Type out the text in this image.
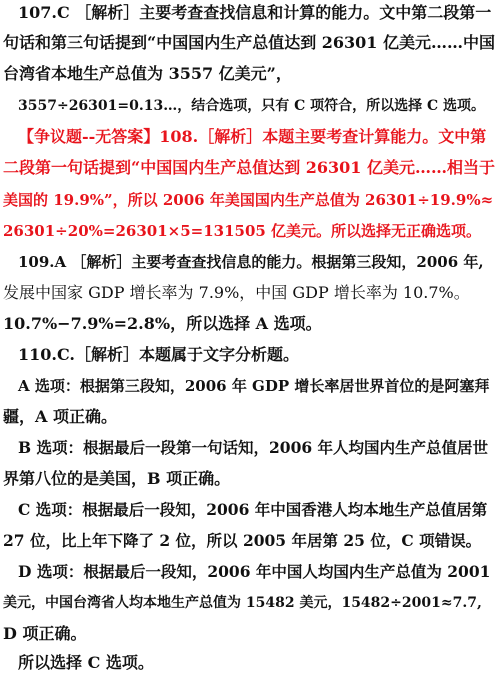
107.C ［解析］主要考查查找信息和计算的能力。文中第二段第一
句话和第三句话提到“中国国内生产总值达到 26301 亿美元……中国
台湾省本地生产总值为 3557 亿美元”，
3557÷26301=0.13…，结合选项，只有 C 项符合，所以选择 C 选项。
【争议题--无答案】108.［解析］本题主要考查计算能力。文中第
二段第一句话提到“中国国内生产总值达到 26301 亿美元……相当于
美国的 19.9%”，所以 2006 年美国国内生产总值为 26301÷19.9%≈
26301÷20%=26301×5=131505 亿美元。所以选择无正确选项。
109.A ［解析］主要考查查找信息的能力。根据第三段知，2006 年,
发展中国家 GDP 增长率为 7.9%，中国 GDP 增长率为 10.7%。
10.7%−7.9%=2.8%，所以选择 A 选项。
110.C.［解析］本题属于文字分析题。
A 选项：根据第三段知，2006 年 GDP 增长率居世界首位的是阿塞拜
疆，A 项正确。
B 选项：根据最后一段第一句话知，2006 年人均国内生产总值居世
界第八位的是美国，B 项正确。
C 选项：根据最后一段知，2006 年中国香港人均本地生产总值居第
27 位，比上年下降了 2 位，所以 2005 年居第 25 位，C 项错误。
D 选项：根据最后一段知，2006 年中国人均国内生产总值为 2001
美元，中国台湾省人均本地生产总值为 15482 美元，15482÷2001≈7.7,
D 项正确。
所以选择 C 选项。
